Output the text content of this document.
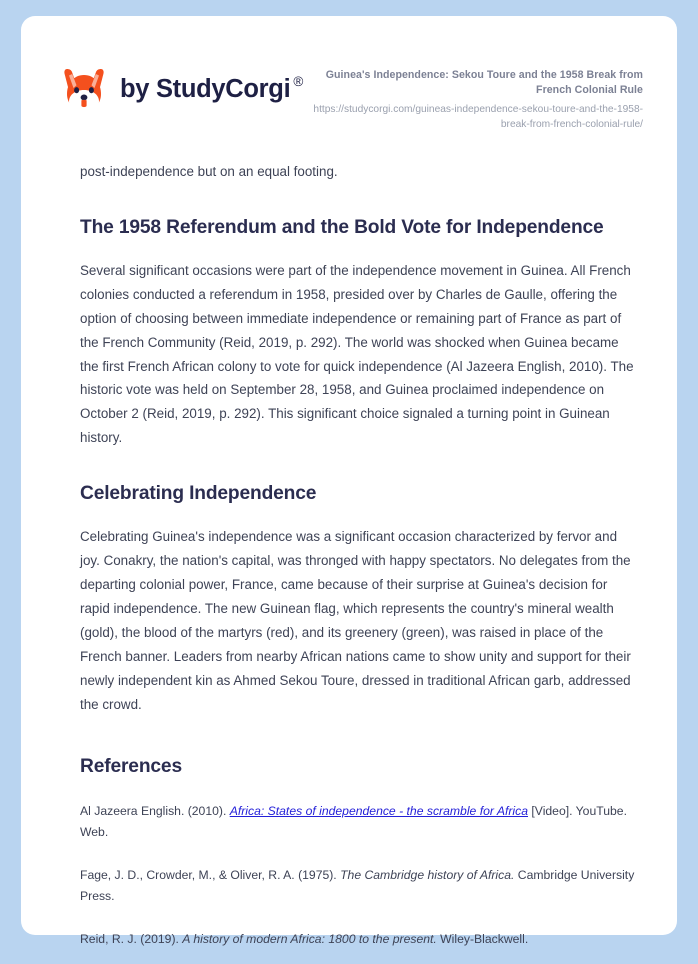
by StudyCorgi ®	Guinea's Independence: Sekou Toure and the 1958 Break from French Colonial Rule
https://studycorgi.com/guineas-independence-sekou-toure-and-the-1958-break-from-french-colonial-rule/

post-independence but on an equal footing.

The 1958 Referendum and the Bold Vote for Independence

Several significant occasions were part of the independence movement in Guinea. All French colonies conducted a referendum in 1958, presided over by Charles de Gaulle, offering the option of choosing between immediate independence or remaining part of France as part of the French Community (Reid, 2019, p. 292). The world was shocked when Guinea became the first French African colony to vote for quick independence (Al Jazeera English, 2010). The historic vote was held on September 28, 1958, and Guinea proclaimed independence on October 2 (Reid, 2019, p. 292). This significant choice signaled a turning point in Guinean history.

Celebrating Independence

Celebrating Guinea's independence was a significant occasion characterized by fervor and joy. Conakry, the nation's capital, was thronged with happy spectators. No delegates from the departing colonial power, France, came because of their surprise at Guinea's decision for rapid independence. The new Guinean flag, which represents the country's mineral wealth (gold), the blood of the martyrs (red), and its greenery (green), was raised in place of the French banner. Leaders from nearby African nations came to show unity and support for their newly independent kin as Ahmed Sekou Toure, dressed in traditional African garb, addressed the crowd.

References

Al Jazeera English. (2010). Africa: States of independence - the scramble for Africa [Video]. YouTube. Web.

Fage, J. D., Crowder, M., & Oliver, R. A. (1975). The Cambridge history of Africa. Cambridge University Press.

Reid, R. J. (2019). A history of modern Africa: 1800 to the present. Wiley-Blackwell.
